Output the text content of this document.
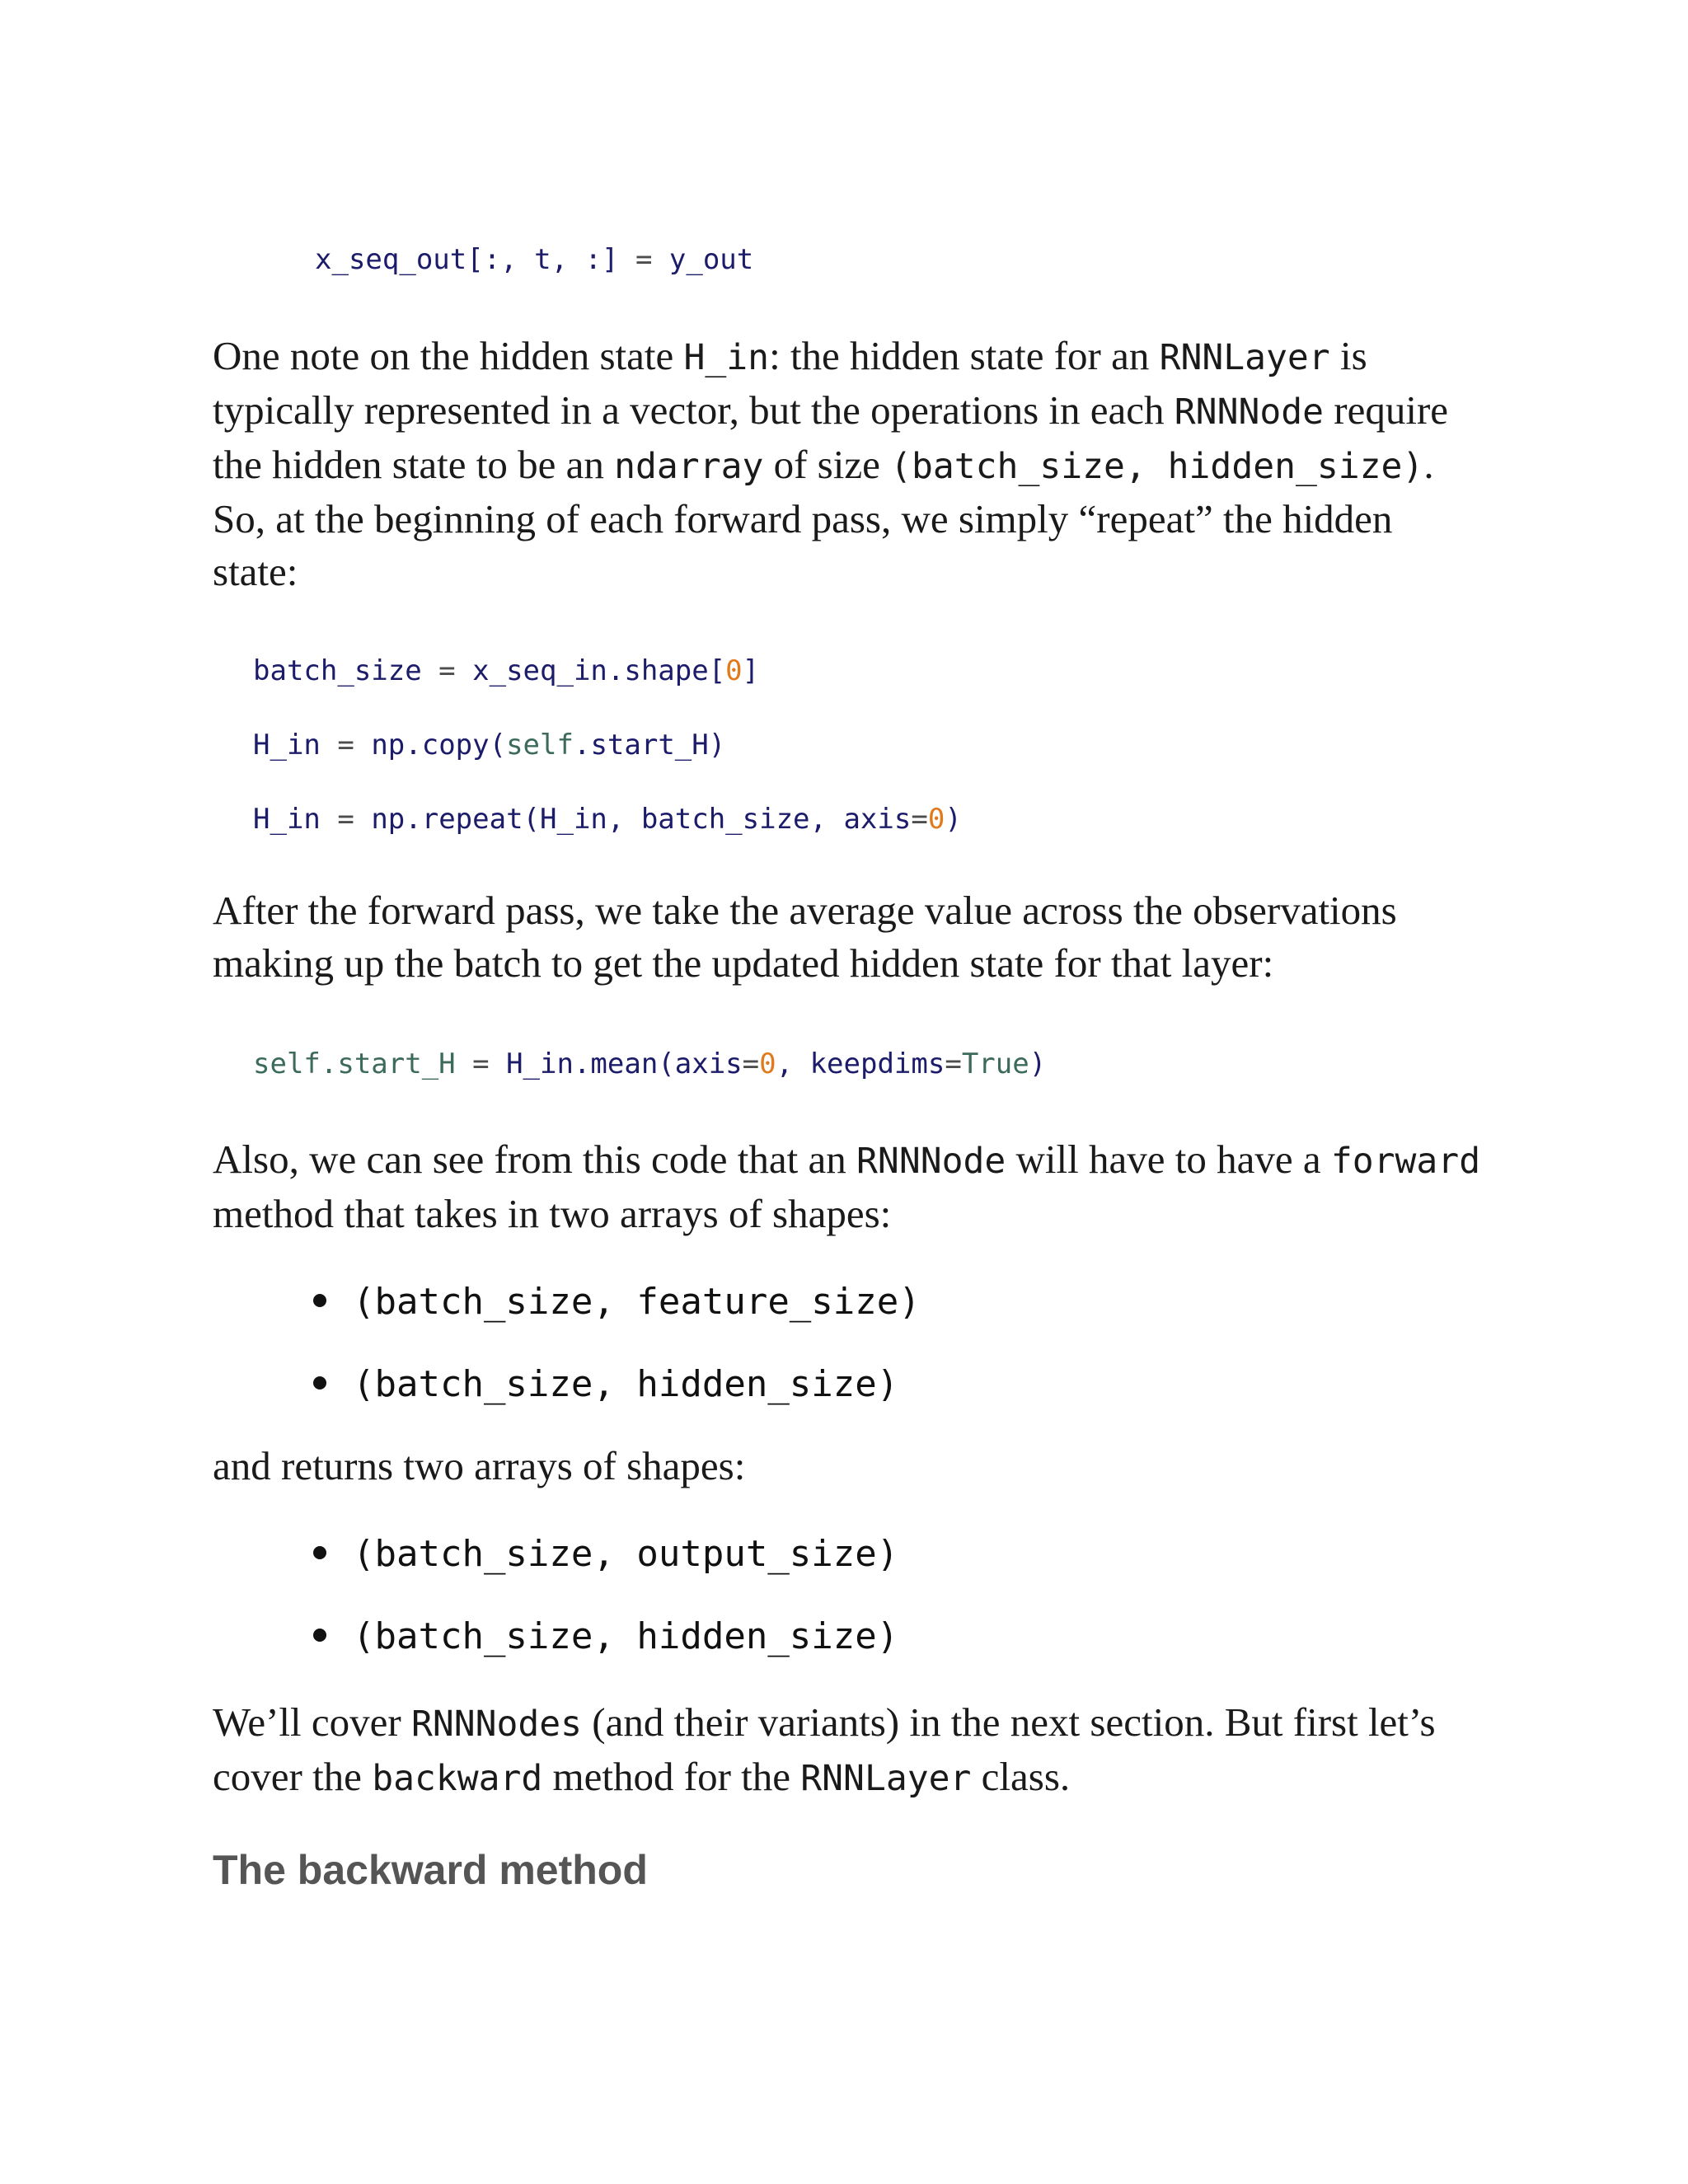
x_seq_out[:, t, :] = y_out

One note on the hidden state H_in: the hidden state for an RNNLayer is typically represented in a vector, but the operations in each RNNNode require the hidden state to be an ndarray of size (batch_size, hidden_size). So, at the beginning of each forward pass, we simply “repeat” the hidden state:

batch_size = x_seq_in.shape[0]
H_in = np.copy(self.start_H)
H_in = np.repeat(H_in, batch_size, axis=0)

After the forward pass, we take the average value across the observations making up the batch to get the updated hidden state for that layer:

self.start_H = H_in.mean(axis=0, keepdims=True)

Also, we can see from this code that an RNNNode will have to have a forward method that takes in two arrays of shapes:

(batch_size, feature_size)
(batch_size, hidden_size)

and returns two arrays of shapes:

(batch_size, output_size)
(batch_size, hidden_size)

We’ll cover RNNNodes (and their variants) in the next section. But first let’s cover the backward method for the RNNLayer class.

The backward method
